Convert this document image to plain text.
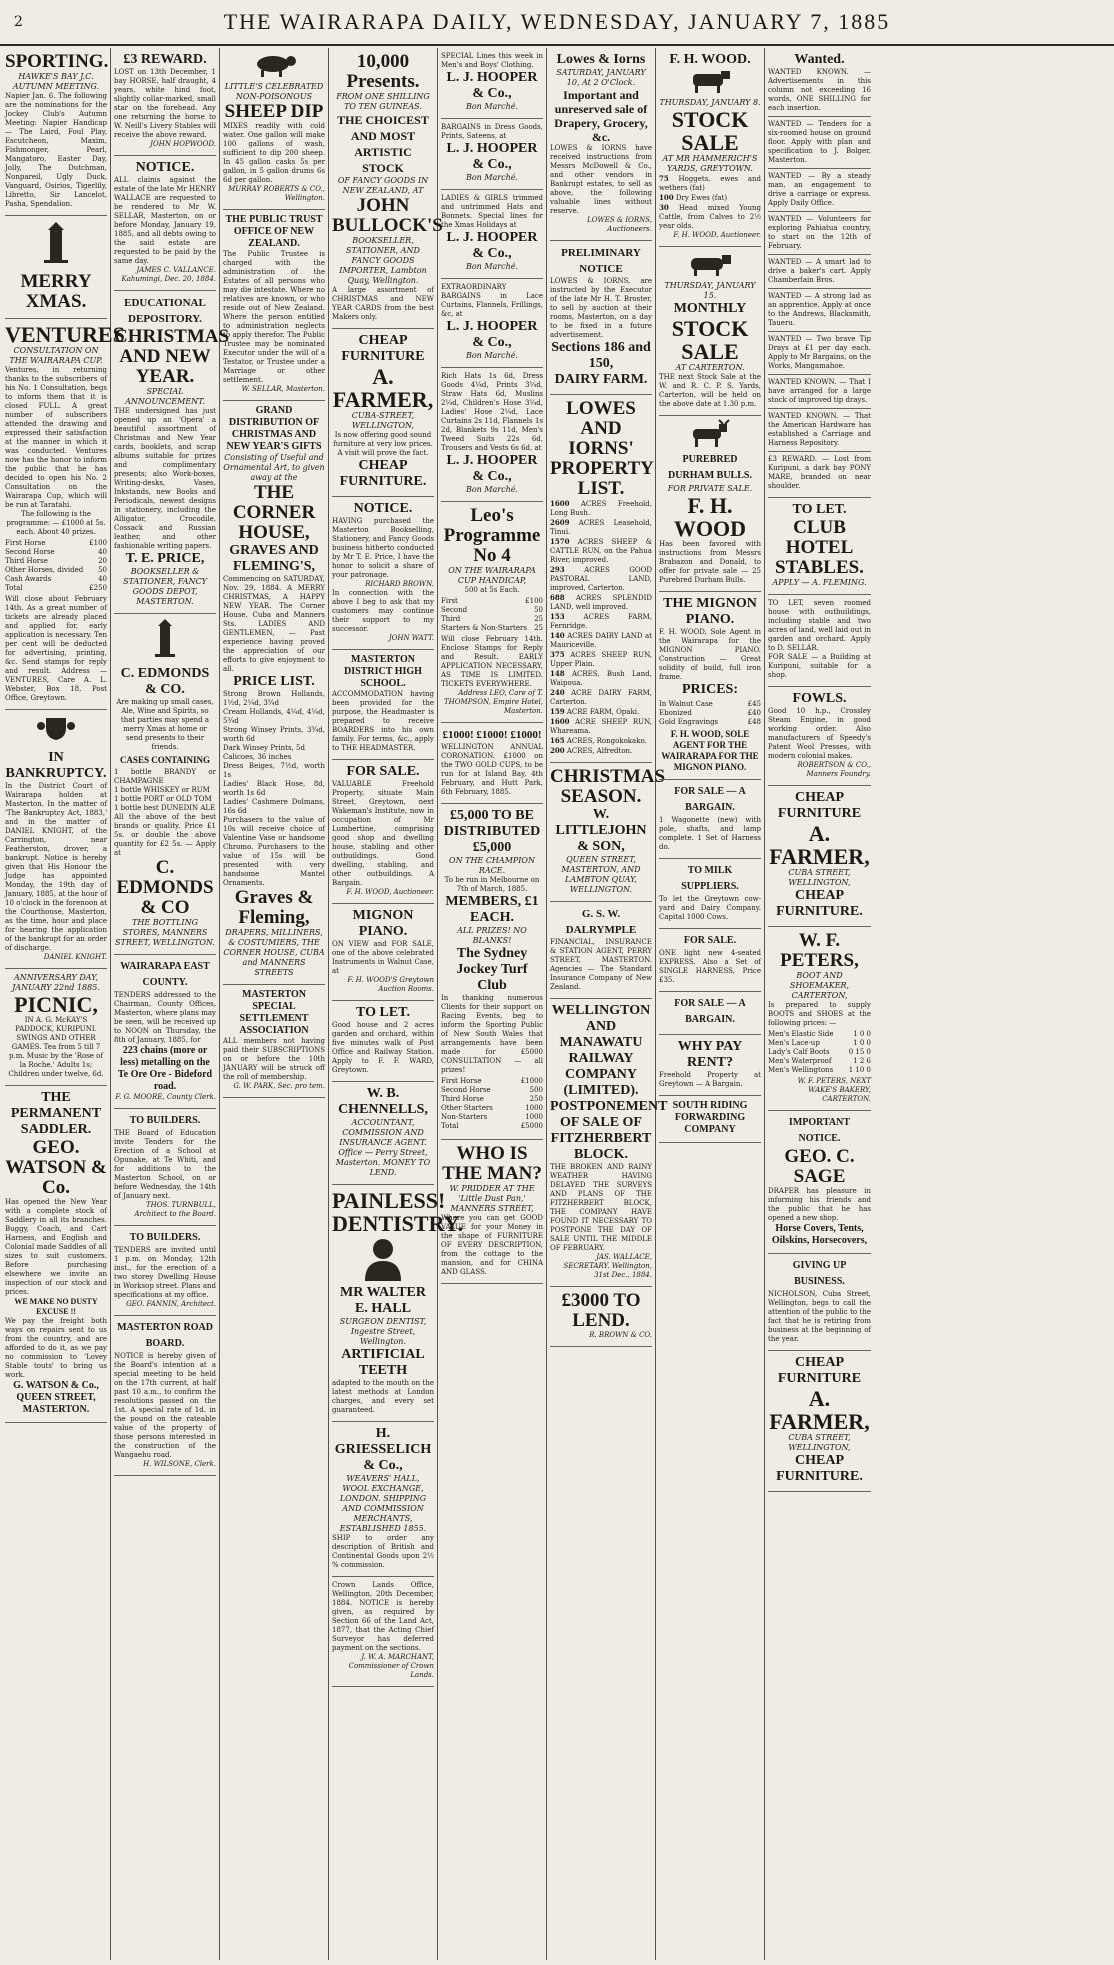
2	THE WAIRARAPA DAILY, WEDNESDAY, JANUARY 7, 1885
SPORTING.
HAWKE'S BAY J.C. AUTUMN MEETING.
Napier Jan. 6. The following are the nominations for the Jockey Club's Autumn Meeting: Napier Handicap — The Laird, Foul Play, Escutcheon, Maxim, Fishmonger, Pearl, Mangatoro, Easter Day, Jolly, The Dutchman, Nonpareil, Ugly Duck, Vanguard, Osirios, Tigerlily, Libretto, Sir Lancelot, Pasha, Spendalion.
MERRY XMAS.
VENTURES
CONSULTATION ON THE WAIRARAPA CUP.
Ventures, in returning thanks to the subscribers of his No. 1 Consultation, begs to inform them that it is closed FULL. A great number of subscribers attended the drawing and expressed their satisfaction at the manner in which it was conducted. Ventures now has the honor to inform the public that he has decided to open his No. 2 Consultation on the Wairarapa Cup, which will be run at Taratahi.
The following is the programme: — £1000 at 5s. each. About 40 prizes.
First Horse	£100
Second Horse	40
Third Horse	20
Other Horses, divided 50
Cash Awards	40
Total	£250
Will close about February 14th. As a great number of tickets are already placed and applied for, early application is necessary. Ten per cent will be deducted for advertising, printing, &c. Send stamps for reply and result. Address — VENTURES, Care A. L. Webster, Box 18, Post Office, Greytown.
IN BANKRUPTCY.
In the District Court of Wairarapa holden at Masterton. In the matter of 'The Bankruptcy Act, 1883,' and in the matter of DANIEL KNIGHT, of the Carrington, near Featherston, drover, a bankrupt. Notice is hereby given that His Honour the Judge has appointed Monday, the 19th day of January, 1885, at the hour of 10 o'clock in the forenoon at the Courthouse, Masterton, as the time, hour and place for hearing the application of the bankrupt for an order of discharge.
DANIEL KNIGHT.
ANNIVERSARY DAY, JANUARY 22nd 1885.
PICNIC,
IN A. G. McKAY'S PADDOCK, KURIPUNI. SWINGS AND OTHER GAMES. Tea from 5 till 7 p.m. Music by the 'Rose of la Roche.' Adults 1s; Children under twelve, 6d.
THE PERMANENT SADDLER.
GEO. WATSON & Co.
Has opened the New Year with a complete stock of Saddlery in all its branches. Buggy, Coach, and Cart Harness, and English and Colonial made Saddles of all sizes to suit customers. Before purchasing elsewhere we invite an inspection of our stock and prices.
WE MAKE NO DUSTY EXCUSE !!
We pay the freight both ways on repairs sent to us from the country, and are afforded to do it, as we pay no commission to 'Lovey Stable touts' to bring us work.
G. WATSON & Co., QUEEN STREET, MASTERTON.
£3 REWARD.
LOST on 13th December, 1 bay HORSE, half draught, 4 years, white hind foot, slightly collar-marked, small star on the forehead. Any one returning the horse to W. Neill's Livery Stables will receive the above reward.
JOHN HOPWOOD.
NOTICE.
ALL claims against the estate of the late Mr HENRY WALLACE are requested to be rendered to Mr W. SELLAR, Masterton, on or before Monday, January 19, 1885, and all debts owing to the said estate are requested to be paid by the same day.
JAMES C. VALLANCE. Kahumingi, Dec. 20, 1884.
EDUCATIONAL DEPOSITORY.
CHRISTMAS AND NEW YEAR.
SPECIAL ANNOUNCEMENT.
THE undersigned has just opened up an 'Opera' a beautiful assortment of Christmas and New Year cards, booklets, and scrap albums suitable for prizes and complimentary presents; also Work-boxes, Writing-desks, Vases, Inkstands, new Books and Periodicals, newest designs in stationery, including the Alligator, Crocodile, Cossack and Russian leather, and other fashionable writing papers.
T. E. PRICE,
BOOKSELLER & STATIONER, FANCY GOODS DEPOT, MASTERTON.
C. EDMONDS & CO.
Are making up small cases, Ale, Wine and Spirits, so that parties may spend a merry Xmas at home or send presents to their friends.
CASES CONTAINING
1 bottle BRANDY or CHAMPAGNE
1 bottle WHISKEY or RUM
1 bottle PORT or OLD TOM
1 bottle best DUNEDIN ALE
All the above of the best brands or quality. Price £1 5s. or double the above quantity for £2 5s. — Apply at
C. EDMONDS & CO
THE BOTTLING STORES, MANNERS STREET, WELLINGTON.
WAIRARAPA EAST COUNTY.
TENDERS addressed to the Chairman, County Offices, Masterton, where plans may be seen, will be received up to NOON on Thursday, the 8th of January, 1885, for
223 chains (more or less) metalling on the Te Ore Ore - Bideford road.
F. G. MOORE, County Clerk.
TO BUILDERS.
THE Board of Education invite Tenders for the Erection of a School at Opunake, at Te Whiti, and for additions to the Masterton School, on or before Wednesday, the 14th of January next.
THOS. TURNBULL, Architect to the Board.
TO BUILDERS.
TENDERS are invited until 1 p.m. on Monday, 12th inst., for the erection of a two storey Dwelling House in Worksop street. Plans and specifications at my office.
GEO. FANNIN, Architect.
MASTERTON ROAD BOARD.
NOTICE is hereby given of the Board's intention at a special meeting to be held on the 17th current, at half past 10 a.m., to confirm the resolutions passed on the 1st. A special rate of 1d. in the pound on the rateable value of the property of those persons interested in the construction of the Wangaehu road.
H. WILSONE, Clerk.
LITTLE'S CELEBRATED NON-POISONOUS
SHEEP DIP
MIXES readily with cold water. One gallon will make 100 gallons of wash, sufficient to dip 200 sheep. In 45 gallon casks 5s per gallon, in 5 gallon drums 6s 6d per gallon.
MURRAY ROBERTS & CO., Wellington.
THE PUBLIC TRUST OFFICE OF NEW ZEALAND.
The Public Trustee is charged with the administration of the Estates of all persons who may die intestate. Where no relatives are known, or who reside out of New Zealand. Where the person entitled to administration neglects to apply therefor. The Public Trustee may be nominated Executor under the will of a Testator, or Trustee under a Marriage or other settlement.
W. SELLAR, Masterton.
GRAND DISTRIBUTION OF CHRISTMAS AND NEW YEAR'S GIFTS
Consisting of Useful and Ornamental Art, to given away at the
THE CORNER HOUSE,
GRAVES AND FLEMING'S,
Commencing on SATURDAY, Nov. 29, 1884. A MERRY CHRISTMAS, A HAPPY NEW YEAR. The Corner House, Cuba and Manners Sts. LADIES AND GENTLEMEN, — Past experience having proved the appreciation of our efforts to give enjoyment to all.
PRICE LIST.
Strong Brown Hollands, 1½d, 2¼d, 3¾d
Cream Hollands, 4¼d, 4¼d, 5¾d
Strong Winsey Prints, 3¾d, worth 6d
Dark Winsey Prints, 5d
Calicoes, 36 inches
Dress Beiges, 7½d, worth 1s
Ladies' Black Hose, 8d, worth 1s 6d
Ladies' Cashmere Dolmans, 16s 6d
Purchasers to the value of 10s will receive choice of Valentine Vase or handsome Chromo. Purchasers to the value of 15s will be presented with very handsome Mantel Ornaments.
Graves & Fleming,
DRAPERS, MILLINERS, & COSTUMIERS, THE CORNER HOUSE, CUBA and MANNERS STREETS
MASTERTON SPECIAL SETTLEMENT ASSOCIATION
ALL members not having paid their SUBSCRIPTIONS on or before the 10th JANUARY will be struck off the roll of membership.
G. W. PARK, Sec. pro tem.
10,000 Presents.
FROM ONE SHILLING TO TEN GUINEAS.
THE CHOICEST AND MOST ARTISTIC STOCK
OF FANCY GOODS IN NEW ZEALAND, AT
JOHN BULLOCK'S
BOOKSELLER, STATIONER, AND FANCY GOODS IMPORTER, Lambton Quay, Wellington.
A large assortment of CHRISTMAS and NEW YEAR CARDS from the best Makers only.
CHEAP FURNITURE
A. FARMER,
CUBA-STREET, WELLINGTON,
Is now offering good sound furniture at very low prices. A visit will prove the fact.
CHEAP FURNITURE.
NOTICE.
HAVING purchased the Masterton Bookselling, Stationery, and Fancy Goods business hitherto conducted by Mr T. E. Price, I have the honor to solicit a share of your patronage.
RICHARD BROWN.
In connection with the above I beg to ask that my customers may continue their support to my successor.
JOHN WATT.
MASTERTON DISTRICT HIGH SCHOOL.
ACCOMMODATION having been provided for the purpose, the Headmaster is prepared to receive BOARDERS into his own family. For terms, &c., apply to THE HEADMASTER.
FOR SALE.
VALUABLE Freehold Property, situate Main Street, Greytown, next Wakeman's Institute, now in occupation of Mr Lumbertine, comprising good shop and dwelling house, stabling and other outbuildings. Good dwelling, stabling, and other outbuildings. A Bargain.
F. H. WOOD, Auctioneer.
MIGNON PIANO.
ON VIEW and FOR SALE, one of the above celebrated Instruments in Walnut Case, at
F. H. WOOD'S Greytown Auction Rooms.
TO LET.
Good house and 2 acres garden and orchard, within five minutes walk of Post Office and Railway Station. Apply to F. F. WARD, Greytown.
W. B. CHENNELLS,
ACCOUNTANT, COMMISSION AND INSURANCE AGENT. Office — Perry Street, Masterton. MONEY TO LEND.
PAINLESS! DENTISTRY.
MR WALTER E. HALL
SURGEON DENTIST, Ingestre Street, Wellington.
ARTIFICIAL TEETH
adapted to the mouth on the latest methods at London charges, and every set guaranteed.
H. GRIESSELICH & Co.,
WEAVERS' HALL, WOOL EXCHANGE, LONDON. SHIPPING AND COMMISSION MERCHANTS, ESTABLISHED 1855.
SHIP to order any description of British and Continental Goods upon 2½ % commission.
Crown Lands Office, Wellington, 20th December, 1884. NOTICE is hereby given, as required by Section 66 of the Land Act, 1877, that the Acting Chief Surveyor has deferred payment on the sections.
J. W. A. MARCHANT, Commissioner of Crown Lands.
SPECIAL Lines this week in Men's and Boys' Clothing.
L. J. HOOPER & Co.,
Bon Marché.
BARGAINS in Dress Goods, Prints, Sateens, at
L. J. HOOPER & Co.,
Bon Marché.
LADIES & GIRLS trimmed and untrimmed Hats and Bonnets. Special lines for the Xmas Holidays at
L. J. HOOPER & Co.,
Bon Marché.
EXTRAORDINARY BARGAINS in Lace Curtains, Flannels, Frillings, &c, at
L. J. HOOPER & Co.,
Bon Marché.
Rich Hats 1s 6d, Dress Goods 4¼d, Prints 3¼d, Straw Hats 6d, Muslins 2¼d, Children's Hose 3¼d, Ladies' Hose 2¼d, Lace Curtains 2s 11d, Flannels 1s 2d, Blankets 9s 11d, Men's Tweed Suits 22s 6d, Trousers and Vests 6s 6d, at
L. J. HOOPER & Co.,
Bon Marché.
Leo's Programme
No 4
ON THE WAIRARAPA CUP HANDICAP,
500 at 5s Each.
First	£100
Second	50
Third	25
Starters & Non-Starters 25
Will close February 14th. Enclose Stamps for Reply and Result. EARLY APPLICATION NECESSARY, AS TIME IS LIMITED. TICKETS EVERYWHERE.
Address LEO, Care of T. THOMPSON, Empire Hotel, Masterton.
£1000! £1000! £1000!
WELLINGTON ANNUAL CORONATION. £1000 on the TWO GOLD CUPS, to be run for at Island Bay, 4th February, and Hutt Park, 6th February, 1885.
£5,000 TO BE DISTRIBUTED £5,000
ON THE CHAMPION RACE.
To be run in Melbourne on 7th of March, 1885.
MEMBERS, £1 EACH.
ALL PRIZES! NO BLANKS!
The Sydney Jockey Turf Club
In thanking numerous Clients for their support on Racing Events, beg to inform the Sporting Public of New South Wales that arrangements have been made for £5000 CONSULTATION — all prizes!
First Horse	£1000
Second Horse	500
Third Horse	250
Other Starters	1000
Non-Starters	1000
Total	£5000
WHO IS THE MAN?
W. PRIDDER AT THE 'Little Dust Pan,' MANNERS STREET,
Where you can get GOOD VALUE for your Money in the shape of FURNITURE OF EVERY DESCRIPTION, from the cottage to the mansion, and for CHINA AND GLASS.
Lowes & Iorns
SATURDAY, JANUARY 10, At 2 O'Clock.
Important and unreserved sale of Drapery, Grocery, &c.
LOWES & IORNS have received instructions from Messrs McDowell & Co., and other vendors in Bankrupt estates, to sell as above, the following valuable lines without reserve.
LOWES & IORNS, Auctioneers.
PRELIMINARY NOTICE
LOWES & IORNS, are instructed by the Executor of the late Mr H. T. Broster, to sell by auction at their rooms, Masterton, on a day to be fixed in a future advertisement.
Sections 186 and 150,
DAIRY FARM.
LOWES AND IORNS' PROPERTY LIST.
1600 ACRES Freehold, Long Bush.
2609 ACRES Leasehold, Tinui.
1570 ACRES SHEEP & CATTLE RUN, on the Pahua River, improved.
293	ACRES GOOD PASTORAL LAND, improved, Carterton.
688 ACRES SPLENDID LAND, well improved.
153	ACRES FARM, Fernridge.
140 ACRES DAIRY LAND at Mauriceville.
375 ACRES SHEEP RUN, Upper Plain.
148 ACRES, Bush Land, Waipoua.
240 ACRE DAIRY FARM, Carterton.
159 ACRE FARM, Opaki.
1600 ACRE SHEEP RUN, Whareama.
165 ACRES, Rongokokako.
200 ACRES, Alfredton.
CHRISTMAS SEASON.
W. LITTLEJOHN & SON,
QUEEN STREET, MASTERTON, AND LAMBTON QUAY, WELLINGTON.
G. S. W. DALRYMPLE
FINANCIAL, INSURANCE & STATION AGENT, PERRY STREET, MASTERTON. Agencies — The Standard Insurance Company of New Zealand.
WELLINGTON AND MANAWATU RAILWAY COMPANY (LIMITED).
POSTPONEMENT OF SALE OF FITZHERBERT BLOCK.
THE BROKEN AND RAINY WEATHER HAVING DELAYED THE SURVEYS AND PLANS OF THE FITZHERBERT BLOCK, THE COMPANY HAVE FOUND IT NECESSARY TO POSTPONE THE DAY OF SALE UNTIL THE MIDDLE OF FEBRUARY.
JAS. WALLACE, SECRETARY. Wellington, 31st Dec., 1884.
£3000 TO LEND.
R. BROWN & CO.
F. H. WOOD.
THURSDAY, JANUARY 8.
STOCK SALE
AT MR HAMMERICH'S YARDS, GREYTOWN.
75 Hoggets, ewes and wethers (fat)
100 Dry Ewes (fat)
30 Head mixed Young Cattle, from Calves to 2½ year olds.
F. H. WOOD, Auctioneer.
THURSDAY, JANUARY 15.
MONTHLY
STOCK SALE
AT CARTERTON.
THE next Stock Sale at the W. and R. C. P. S. Yards, Carterton, will be held on the above date at 1.30 p.m.
PUREBRED DURHAM BULLS.
FOR PRIVATE SALE.
F. H. WOOD
Has been favored with instructions from Messrs Brabazon and Donald, to offer for private sale — 25 Purebred Durham Bulls.
THE MIGNON PIANO.
F. H. WOOD, Sole Agent in the Wairarapa for the MIGNON PIANO. Construction — Great solidity of build, full iron frame.
PRICES:
In Walnut Case	£45
Ebonized	£40
Gold Engravings	£48
F. H. WOOD, SOLE AGENT FOR THE WAIRARAPA FOR THE MIGNON PIANO.
FOR SALE — A BARGAIN.
1 Wagonette (new) with pole, shafts, and lamp complete. 1 Set of Harness do.
TO MILK SUPPLIERS.
To let the Greytown cow-yard and Dairy Company. Capital 1000 Cows.
FOR SALE.
ONE light new 4-seated EXPRESS. Also a Set of SINGLE HARNESS, Price £35.
FOR SALE — A BARGAIN.
WHY PAY RENT?
Freehold Property at Greytown — A Bargain.
SOUTH RIDING FORWARDING COMPANY
Wanted.
WANTED KNOWN. — Advertisements in this column not exceeding 16 words, ONE SHILLING for each insertion.
WANTED — Tenders for a six-roomed house on ground floor. Apply with plan and specification to J. Bolger, Masterton.
WANTED — By a steady man, an engagement to drive a carriage or express. Apply Daily Office.
WANTED — Volunteers for exploring Pahiatua country, to start on the 12th of February.
WANTED — A smart lad to drive a baker's cart. Apply Chamberlain Bros.
WANTED — A strong lad as an apprentice. Apply at once to the Andrews, Blacksmith, Taueru.
WANTED — Two brave Tip Drays at £1 per day each. Apply to Mr Bargains, on the Works, Mangamahoe.
WANTED KNOWN. — That I have arranged for a large stock of improved tip drays.
WANTED KNOWN. — That the American Hardware has established a Carriage and Harness Repository.
£3 REWARD. — Lost from Kuripuni, a dark bay PONY MARE, branded on near shoulder.
TO LET.
CLUB HOTEL STABLES.
APPLY — A. FLEMING.
TO LET, seven roomed house with outbuildings, including stable and two acres of land, well laid out in garden and orchard. Apply to D. SELLAR.
FOR SALE — a Building at Kuripuni, suitable for a shop.
FOWLS.
Good 10 h.p., Crossley Steam Engine, in good working order. Also manufacturers of Speedy's Patent Wool Presses, with modern colonial makes.
ROBERTSON & CO., Manners Foundry.
CHEAP FURNITURE
A. FARMER,
CUBA STREET, WELLINGTON,
CHEAP FURNITURE.
W. F. PETERS,
BOOT AND SHOEMAKER, CARTERTON,
Is prepared to supply BOOTS and SHOES at the following prices: —
Men's Elastic Side	1 0 0
Men's Lace-up	1 0 0
Lady's Calf Boots	0 15 0
Men's Waterproof	1 2 6
Men's Wellingtons 1 10 0
W. F. PETERS, NEXT WAKE'S BAKERY, CARTERTON.
IMPORTANT NOTICE.
GEO. C. SAGE
DRAPER has pleasure in informing his friends and the public that he has opened a new shop.
Horse Covers, Tents, Oilskins, Horsecovers,
GIVING UP BUSINESS.
NICHOLSON, Cuba Street, Wellington, begs to call the attention of the public to the fact that he is retiring from business at the beginning of the year.
CHEAP FURNITURE
A. FARMER,
CUBA STREET, WELLINGTON,
CHEAP FURNITURE.
